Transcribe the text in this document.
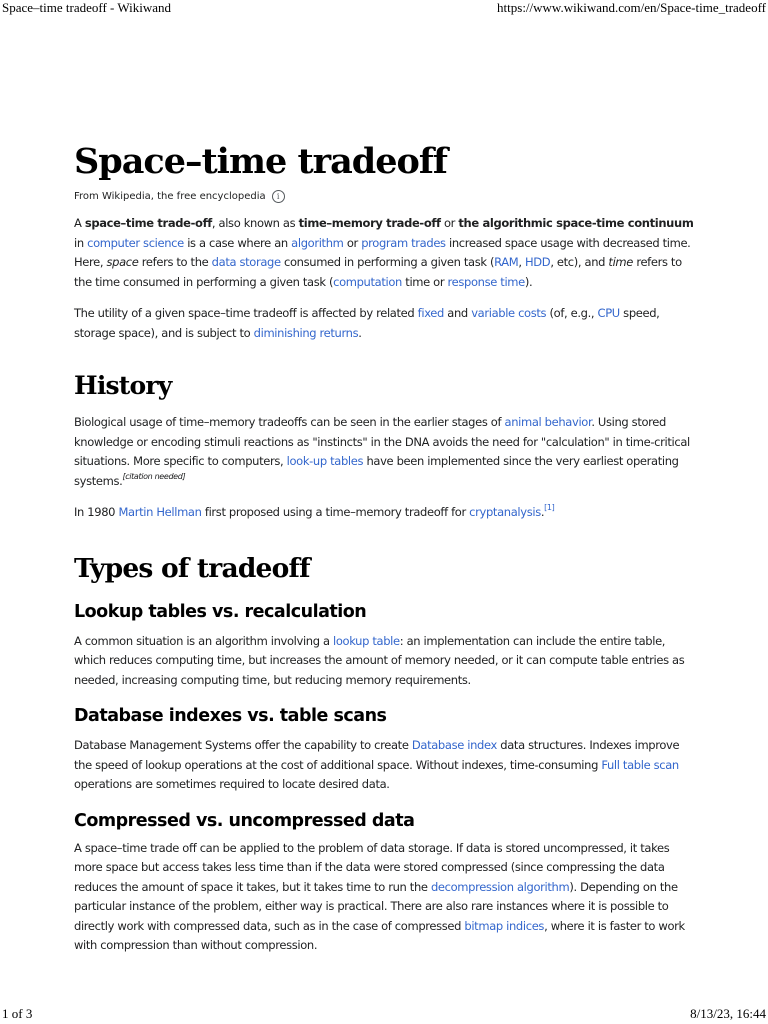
Space–time tradeoff - Wikiwand	https://www.wikiwand.com/en/Space-time_tradeoff
Space–time tradeoff
From Wikipedia, the free encyclopedia	i

A space–time trade-off, also known as time–memory trade-off or the algorithmic space-time continuum in computer science is a case where an algorithm or program trades increased space usage with decreased time. Here, space refers to the data storage consumed in performing a given task (RAM, HDD, etc), and time refers to the time consumed in performing a given task (computation time or response time).

The utility of a given space–time tradeoff is affected by related fixed and variable costs (of, e.g., CPU speed, storage space), and is subject to diminishing returns.

History

Biological usage of time–memory tradeoffs can be seen in the earlier stages of animal behavior. Using stored knowledge or encoding stimuli reactions as "instincts" in the DNA avoids the need for "calculation" in time-critical situations. More specific to computers, look-up tables have been implemented since the very earliest operating systems.[citation needed]

In 1980 Martin Hellman first proposed using a time–memory tradeoff for cryptanalysis.[1]

Types of tradeoff
Lookup tables vs. recalculation

A common situation is an algorithm involving a lookup table: an implementation can include the entire table, which reduces computing time, but increases the amount of memory needed, or it can compute table entries as needed, increasing computing time, but reducing memory requirements.

Database indexes vs. table scans

Database Management Systems offer the capability to create Database index data structures. Indexes improve the speed of lookup operations at the cost of additional space. Without indexes, time-consuming Full table scan operations are sometimes required to locate desired data.

Compressed vs. uncompressed data

A space–time trade off can be applied to the problem of data storage. If data is stored uncompressed, it takes more space but access takes less time than if the data were stored compressed (since compressing the data reduces the amount of space it takes, but it takes time to run the decompression algorithm). Depending on the particular instance of the problem, either way is practical. There are also rare instances where it is possible to directly work with compressed data, such as in the case of compressed bitmap indices, where it is faster to work with compression than without compression.

1 of 3	8/13/23, 16:44
